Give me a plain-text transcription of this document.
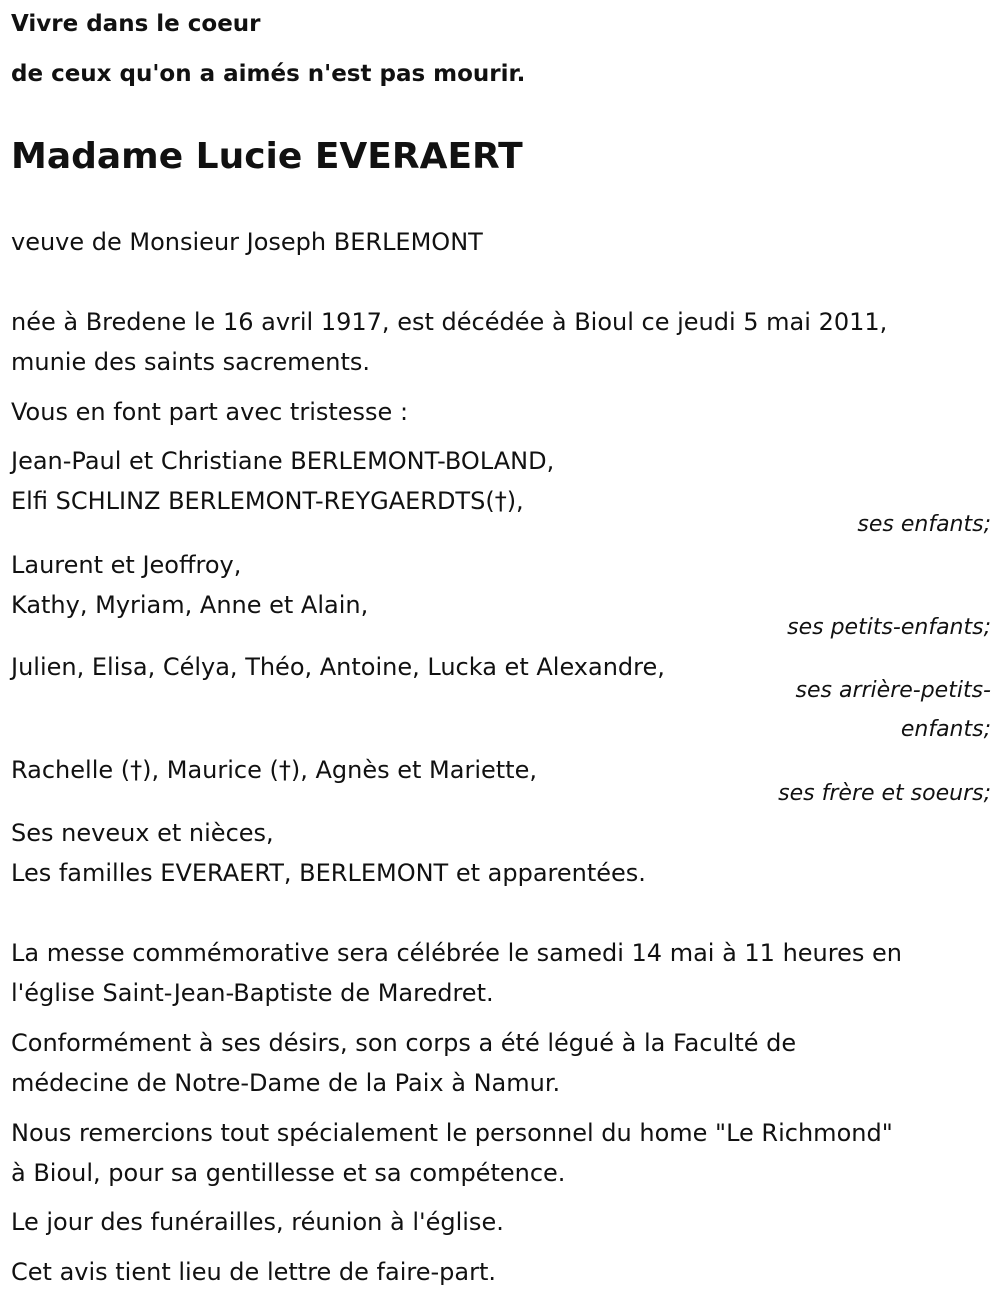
Vivre dans le coeur
de ceux qu'on a aimés n'est pas mourir.
Madame Lucie EVERAERT
veuve de Monsieur Joseph BERLEMONT
née à Bredene le 16 avril 1917, est décédée à Bioul ce jeudi 5 mai 2011,
munie des saints sacrements.
Vous en font part avec tristesse :
Jean-Paul et Christiane BERLEMONT-BOLAND,
Elfi SCHLINZ BERLEMONT-REYGAERDTS(†),
ses enfants;
Laurent et Jeoffroy,
Kathy, Myriam, Anne et Alain,
ses petits-enfants;
Julien, Elisa, Célya, Théo, Antoine, Lucka et Alexandre,
ses arrière-petits-
enfants;
Rachelle (†), Maurice (†), Agnès et Mariette,
ses frère et soeurs;
Ses neveux et nièces,
Les familles EVERAERT, BERLEMONT et apparentées.
La messe commémorative sera célébrée le samedi 14 mai à 11 heures en
l'église Saint-Jean-Baptiste de Maredret.
Conformément à ses désirs, son corps a été légué à la Faculté de
médecine de Notre-Dame de la Paix à Namur.
Nous remercions tout spécialement le personnel du home "Le Richmond"
à Bioul, pour sa gentillesse et sa compétence.
Le jour des funérailles, réunion à l'église.
Cet avis tient lieu de lettre de faire-part.
